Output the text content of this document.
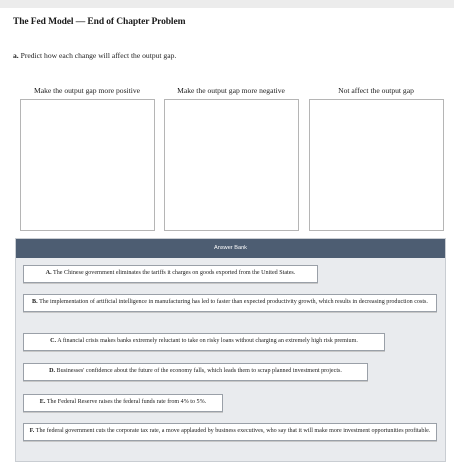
The Fed Model — End of Chapter Problem
a. Predict how each change will affect the output gap.
Make the output gap more positive	Make the output gap more negative	Not affect the output gap
Answer Bank
A. The Chinese government eliminates the tariffs it charges on goods exported from the United States.
B. The implementation of artificial intelligence in manufacturing has led to faster than expected productivity growth, which results in decreasing production costs.
C. A financial crisis makes banks extremely reluctant to take on risky loans without charging an extremely high risk premium.
D. Businesses' confidence about the future of the economy falls, which leads them to scrap planned investment projects.
E. The Federal Reserve raises the federal funds rate from 4% to 5%.
F. The federal government cuts the corporate tax rate, a move applauded by business executives, who say that it will make more investment opportunities profitable.
